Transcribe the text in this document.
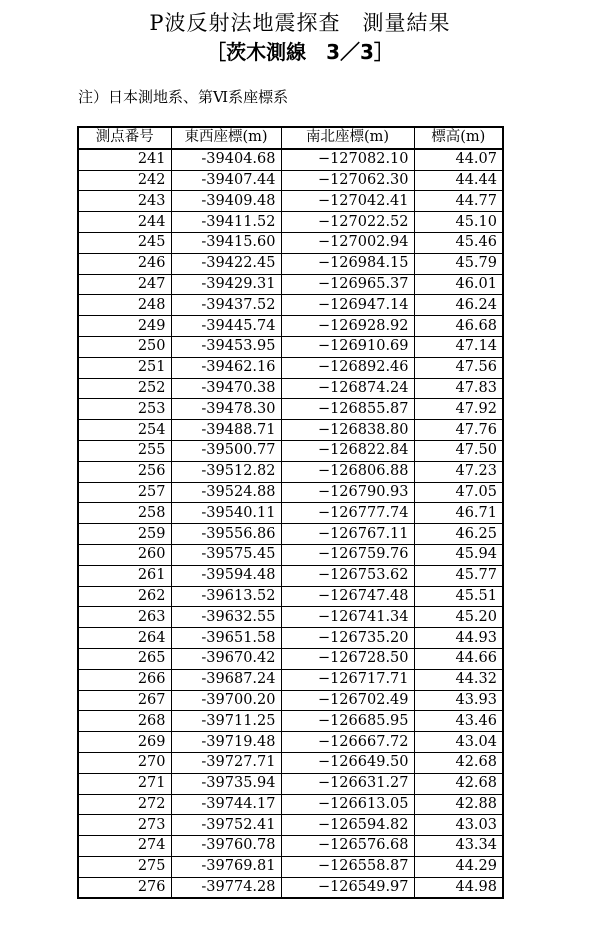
P波反射法地震探査　測量結果
［茨木測線　3／3］
注）日本測地系、第Ⅵ系座標系
測点番号	東西座標(m)	南北座標(m)	標高(m)
241	-39404.68	−127082.10	44.07
242	-39407.44	−127062.30	44.44
243	-39409.48	−127042.41	44.77
244	-39411.52	−127022.52	45.10
245	-39415.60	−127002.94	45.46
246	-39422.45	−126984.15	45.79
247	-39429.31	−126965.37	46.01
248	-39437.52	−126947.14	46.24
249	-39445.74	−126928.92	46.68
250	-39453.95	−126910.69	47.14
251	-39462.16	−126892.46	47.56
252	-39470.38	−126874.24	47.83
253	-39478.30	−126855.87	47.92
254	-39488.71	−126838.80	47.76
255	-39500.77	−126822.84	47.50
256	-39512.82	−126806.88	47.23
257	-39524.88	−126790.93	47.05
258	-39540.11	−126777.74	46.71
259	-39556.86	−126767.11	46.25
260	-39575.45	−126759.76	45.94
261	-39594.48	−126753.62	45.77
262	-39613.52	−126747.48	45.51
263	-39632.55	−126741.34	45.20
264	-39651.58	−126735.20	44.93
265	-39670.42	−126728.50	44.66
266	-39687.24	−126717.71	44.32
267	-39700.20	−126702.49	43.93
268	-39711.25	−126685.95	43.46
269	-39719.48	−126667.72	43.04
270	-39727.71	−126649.50	42.68
271	-39735.94	−126631.27	42.68
272	-39744.17	−126613.05	42.88
273	-39752.41	−126594.82	43.03
274	-39760.78	−126576.68	43.34
275	-39769.81	−126558.87	44.29
276	-39774.28	−126549.97	44.98
